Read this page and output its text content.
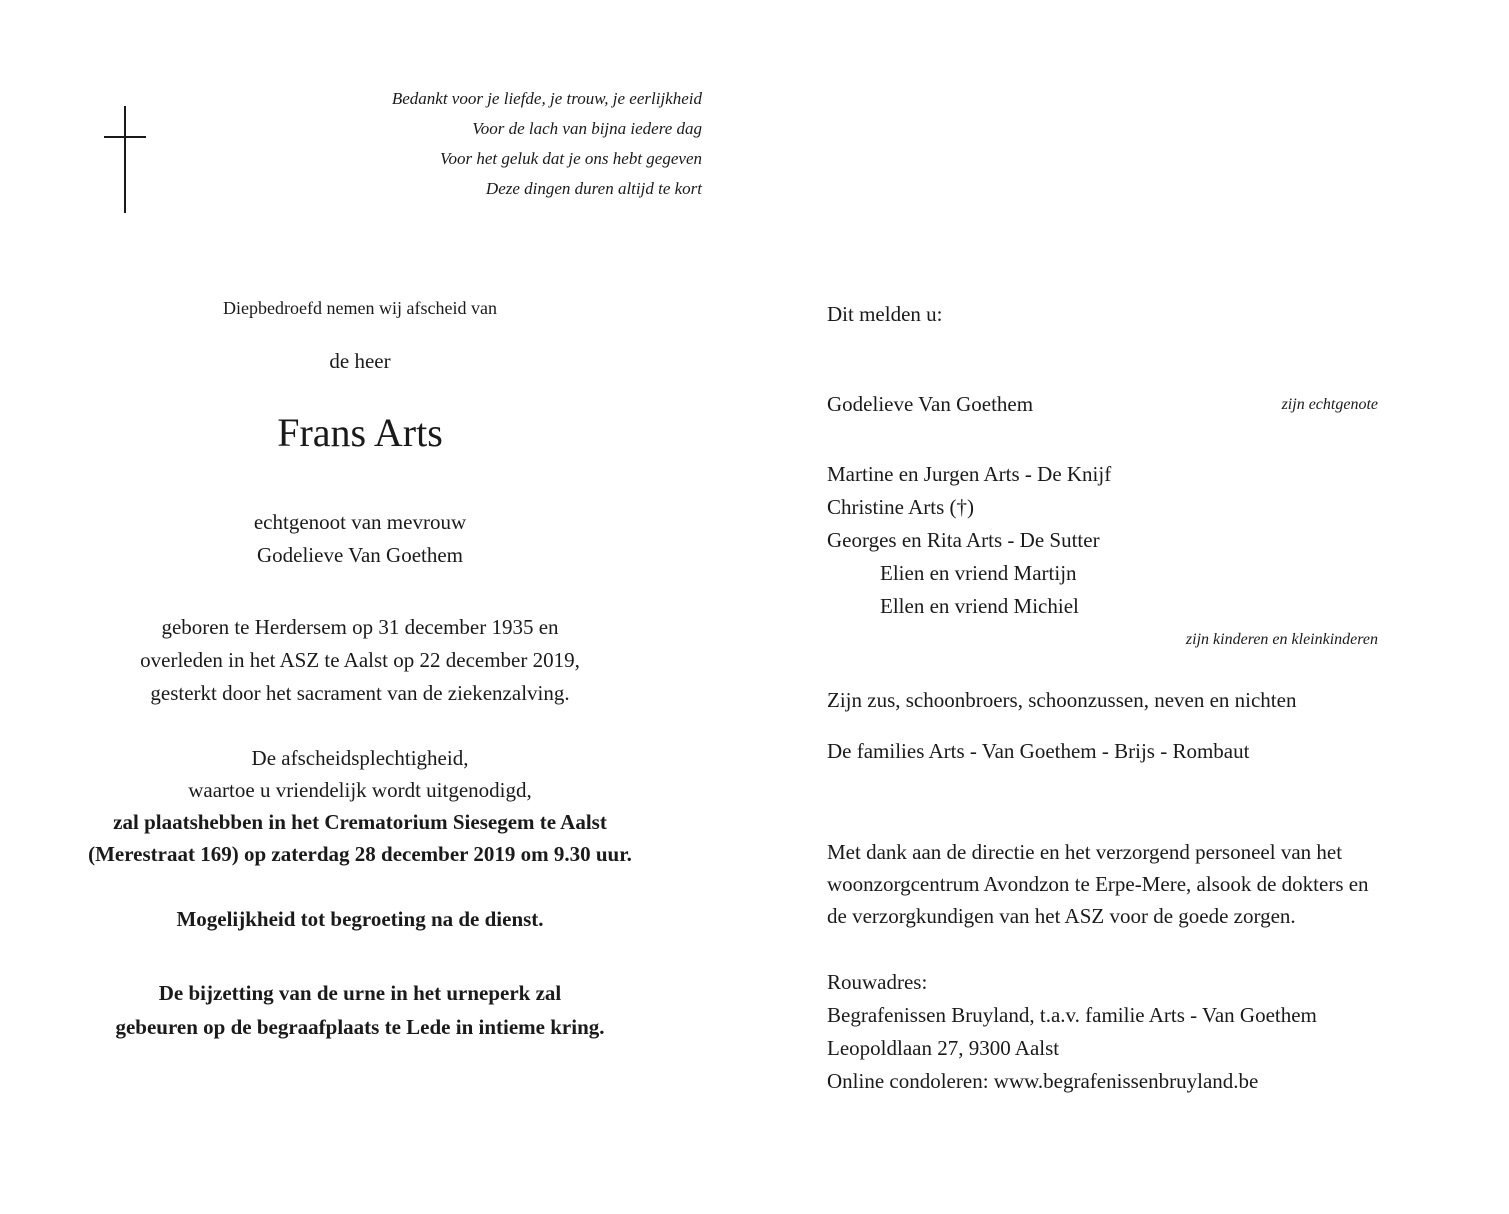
Bedankt voor je liefde, je trouw, je eerlijkheid
Voor de lach van bijna iedere dag
Voor het geluk dat je ons hebt gegeven
Deze dingen duren altijd te kort
Diepbedroefd nemen wij afscheid van
de heer
Frans Arts
echtgenoot van mevrouw
Godelieve Van Goethem
geboren te Herdersem op 31 december 1935 en
overleden in het ASZ te Aalst op 22 december 2019,
gesterkt door het sacrament van de ziekenzalving.
De afscheidsplechtigheid,
waartoe u vriendelijk wordt uitgenodigd,
zal plaatshebben in het Crematorium Siesegem te Aalst
(Merestraat 169) op zaterdag 28 december 2019 om 9.30 uur.
Mogelijkheid tot begroeting na de dienst.
De bijzetting van de urne in het urneperk zal
gebeuren op de begraafplaats te Lede in intieme kring.
Dit melden u:
Godelieve Van Goethem	zijn echtgenote
Martine en Jurgen Arts - De Knijf
Christine Arts (†)
Georges en Rita Arts - De Sutter
Elien en vriend Martijn
Ellen en vriend Michiel
zijn kinderen en kleinkinderen
Zijn zus, schoonbroers, schoonzussen, neven en nichten
De families Arts - Van Goethem - Brijs - Rombaut
Met dank aan de directie en het verzorgend personeel van het
woonzorgcentrum Avondzon te Erpe-Mere, alsook de dokters en
de verzorgkundigen van het ASZ voor de goede zorgen.
Rouwadres:
Begrafenissen Bruyland, t.a.v. familie Arts - Van Goethem
Leopoldlaan 27, 9300 Aalst
Online condoleren: www.begrafenissenbruyland.be
